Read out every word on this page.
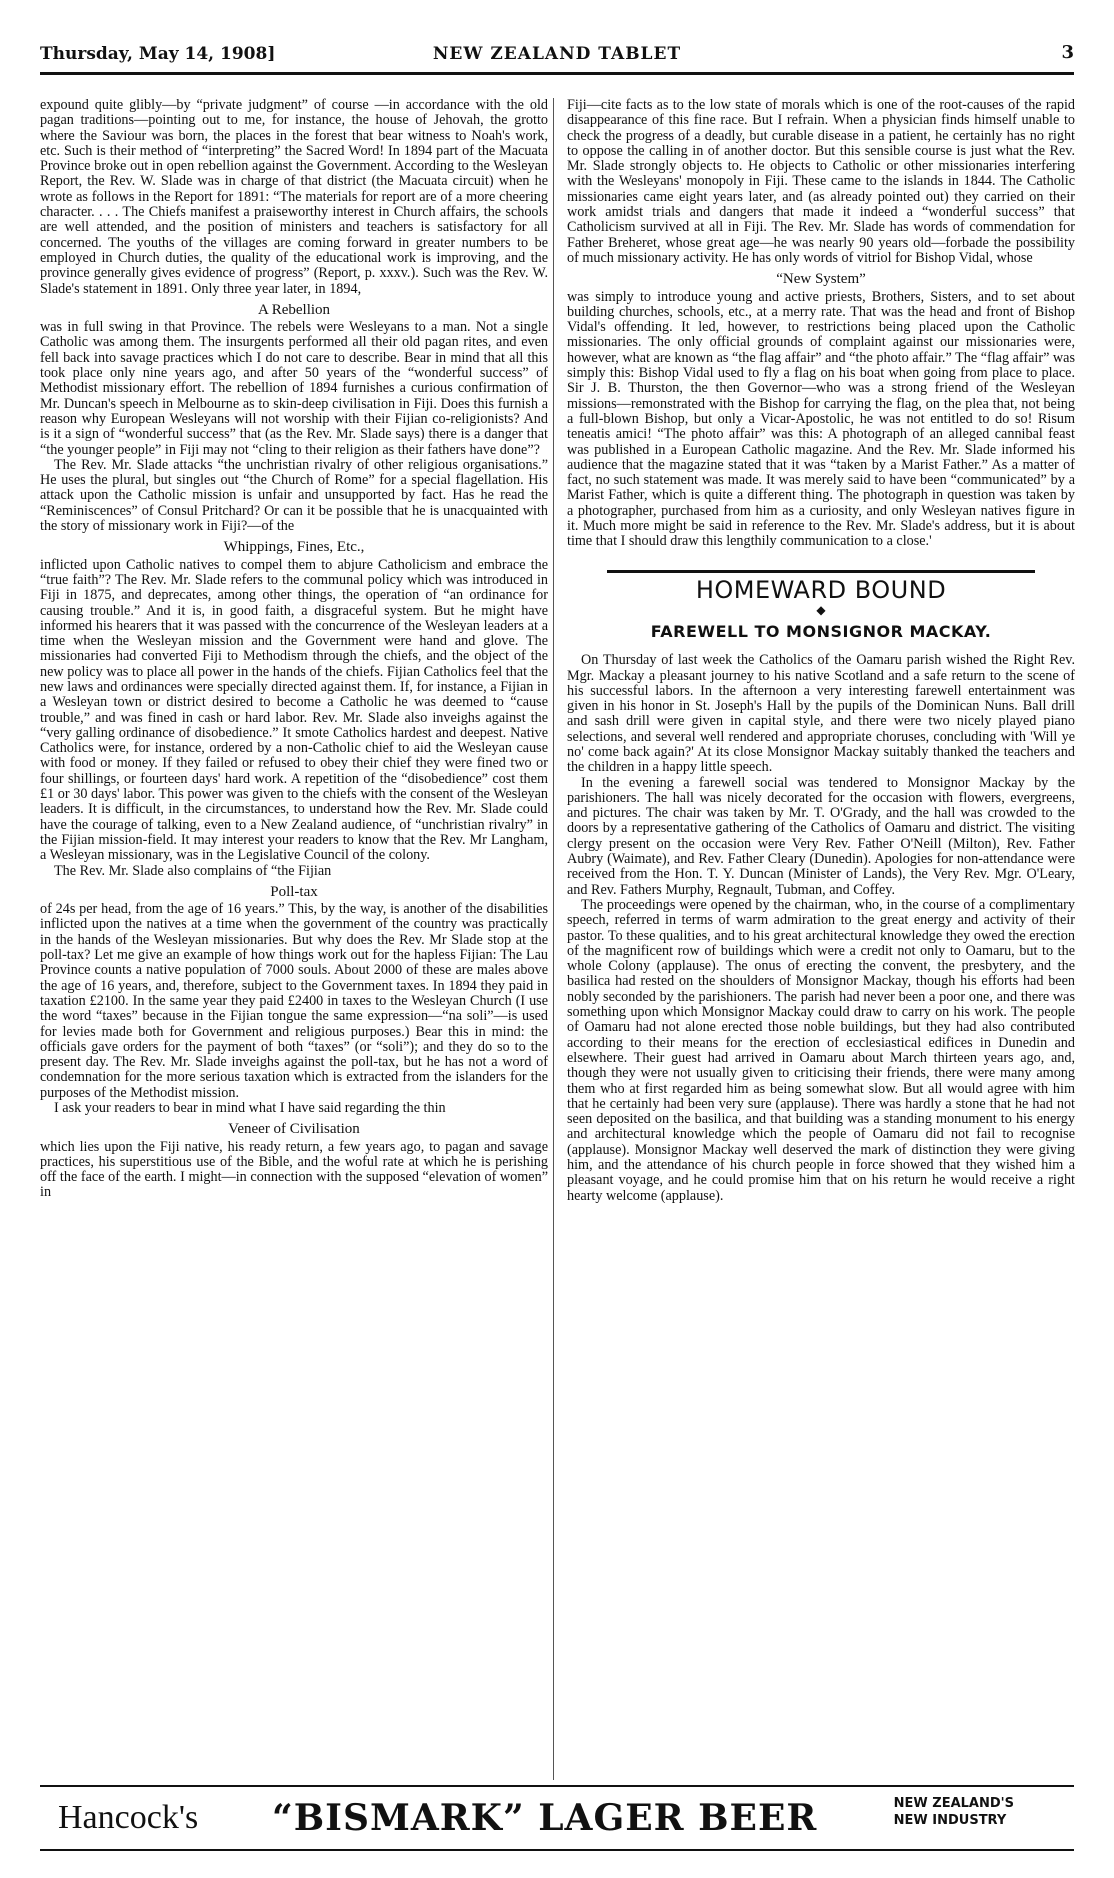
Thursday, May 14, 1908]	NEW ZEALAND TABLET	3

expound quite glibly—by “private judgment” of course —in accordance with the old pagan traditions—pointing out to me, for instance, the house of Jehovah, the grotto where the Saviour was born, the places in the forest that bear witness to Noah's work, etc. Such is their method of “interpreting” the Sacred Word! In 1894 part of the Macuata Province broke out in open rebellion against the Government. According to the Wesleyan Report, the Rev. W. Slade was in charge of that district (the Macuata circuit) when he wrote as follows in the Report for 1891: “The materials for report are of a more cheering character. . . . The Chiefs manifest a praiseworthy interest in Church affairs, the schools are well attended, and the position of ministers and teachers is satisfactory for all concerned. The youths of the villages are coming forward in greater numbers to be employed in Church duties, the quality of the educational work is improving, and the province generally gives evidence of progress” (Report, p. xxxv.). Such was the Rev. W. Slade's statement in 1891. Only three year later, in 1894,

A Rebellion

was in full swing in that Province. The rebels were Wesleyans to a man. Not a single Catholic was among them. The insurgents performed all their old pagan rites, and even fell back into savage practices which I do not care to describe. Bear in mind that all this took place only nine years ago, and after 50 years of the “wonderful success” of Methodist missionary effort. The rebellion of 1894 furnishes a curious confirmation of Mr. Duncan's speech in Melbourne as to skin-deep civilisation in Fiji. Does this furnish a reason why European Wesleyans will not worship with their Fijian co-religionists? And is it a sign of “wonderful success” that (as the Rev. Mr. Slade says) there is a danger that “the younger people” in Fiji may not “cling to their religion as their fathers have done”?

The Rev. Mr. Slade attacks “the unchristian rivalry of other religious organisations.” He uses the plural, but singles out “the Church of Rome” for a special flagellation. His attack upon the Catholic mission is unfair and unsupported by fact. Has he read the “Reminiscences” of Consul Pritchard? Or can it be possible that he is unacquainted with the story of missionary work in Fiji?—of the

Whippings, Fines, Etc.,

inflicted upon Catholic natives to compel them to abjure Catholicism and embrace the “true faith”? The Rev. Mr. Slade refers to the communal policy which was introduced in Fiji in 1875, and deprecates, among other things, the operation of “an ordinance for causing trouble.” And it is, in good faith, a disgraceful system. But he might have informed his hearers that it was passed with the concurrence of the Wesleyan leaders at a time when the Wesleyan mission and the Government were hand and glove. The missionaries had converted Fiji to Methodism through the chiefs, and the object of the new policy was to place all power in the hands of the chiefs. Fijian Catholics feel that the new laws and ordinances were specially directed against them. If, for instance, a Fijian in a Wesleyan town or district desired to become a Catholic he was deemed to “cause trouble,” and was fined in cash or hard labor. Rev. Mr. Slade also inveighs against the “very galling ordinance of disobedience.” It smote Catholics hardest and deepest. Native Catholics were, for instance, ordered by a non-Catholic chief to aid the Wesleyan cause with food or money. If they failed or refused to obey their chief they were fined two or four shillings, or fourteen days' hard work. A repetition of the “disobedience” cost them £1 or 30 days' labor. This power was given to the chiefs with the consent of the Wesleyan leaders. It is difficult, in the circumstances, to understand how the Rev. Mr. Slade could have the courage of talking, even to a New Zealand audience, of “unchristian rivalry” in the Fijian mission-field. It may interest your readers to know that the Rev. Mr Langham, a Wesleyan missionary, was in the Legislative Council of the colony.

The Rev. Mr. Slade also complains of “the Fijian

Poll-tax

of 24s per head, from the age of 16 years.” This, by the way, is another of the disabilities inflicted upon the natives at a time when the government of the country was practically in the hands of the Wesleyan missionaries. But why does the Rev. Mr Slade stop at the poll-tax? Let me give an example of how things work out for the hapless Fijian: The Lau Province counts a native population of 7000 souls. About 2000 of these are males above the age of 16 years, and, therefore, subject to the Government taxes. In 1894 they paid in taxation £2100. In the same year they paid £2400 in taxes to the Wesleyan Church (I use the word “taxes” because in the Fijian tongue the same expression—“na soli”—is used for levies made both for Government and religious purposes.) Bear this in mind: the officials gave orders for the payment of both “taxes” (or “soli”); and they do so to the present day. The Rev. Mr. Slade inveighs against the poll-tax, but he has not a word of condemnation for the more serious taxation which is extracted from the islanders for the purposes of the Methodist mission.

I ask your readers to bear in mind what I have said regarding the thin

Veneer of Civilisation

which lies upon the Fiji native, his ready return, a few years ago, to pagan and savage practices, his superstitious use of the Bible, and the woful rate at which he is perishing off the face of the earth. I might—in connection with the supposed “elevation of women” in

Fiji—cite facts as to the low state of morals which is one of the root-causes of the rapid disappearance of this fine race. But I refrain. When a physician finds himself unable to check the progress of a deadly, but curable disease in a patient, he certainly has no right to oppose the calling in of another doctor. But this sensible course is just what the Rev. Mr. Slade strongly objects to. He objects to Catholic or other missionaries interfering with the Wesleyans' monopoly in Fiji. These came to the islands in 1844. The Catholic missionaries came eight years later, and (as already pointed out) they carried on their work amidst trials and dangers that made it indeed a “wonderful success” that Catholicism survived at all in Fiji. The Rev. Mr. Slade has words of commendation for Father Breheret, whose great age—he was nearly 90 years old—forbade the possibility of much missionary activity. He has only words of vitriol for Bishop Vidal, whose

“New System”

was simply to introduce young and active priests, Brothers, Sisters, and to set about building churches, schools, etc., at a merry rate. That was the head and front of Bishop Vidal's offending. It led, however, to restrictions being placed upon the Catholic missionaries. The only official grounds of complaint against our missionaries were, however, what are known as “the flag affair” and “the photo affair.” The “flag affair” was simply this: Bishop Vidal used to fly a flag on his boat when going from place to place. Sir J. B. Thurston, the then Governor—who was a strong friend of the Wesleyan missions—remonstrated with the Bishop for carrying the flag, on the plea that, not being a full-blown Bishop, but only a Vicar-Apostolic, he was not entitled to do so! Risum teneatis amici! “The photo affair” was this: A photograph of an alleged cannibal feast was published in a European Catholic magazine. And the Rev. Mr. Slade informed his audience that the magazine stated that it was “taken by a Marist Father.” As a matter of fact, no such statement was made. It was merely said to have been “communicated” by a Marist Father, which is quite a different thing. The photograph in question was taken by a photographer, purchased from him as a curiosity, and only Wesleyan natives figure in it. Much more might be said in reference to the Rev. Mr. Slade's address, but it is about time that I should draw this lengthily communication to a close.'

HOMEWARD BOUND
◆
FAREWELL TO MONSIGNOR MACKAY.

On Thursday of last week the Catholics of the Oamaru parish wished the Right Rev. Mgr. Mackay a pleasant journey to his native Scotland and a safe return to the scene of his successful labors. In the afternoon a very interesting farewell entertainment was given in his honor in St. Joseph's Hall by the pupils of the Dominican Nuns. Ball drill and sash drill were given in capital style, and there were two nicely played piano selections, and several well rendered and appropriate choruses, concluding with 'Will ye no' come back again?' At its close Monsignor Mackay suitably thanked the teachers and the children in a happy little speech.

In the evening a farewell social was tendered to Monsignor Mackay by the parishioners. The hall was nicely decorated for the occasion with flowers, evergreens, and pictures. The chair was taken by Mr. T. O'Grady, and the hall was crowded to the doors by a representative gathering of the Catholics of Oamaru and district. The visiting clergy present on the occasion were Very Rev. Father O'Neill (Milton), Rev. Father Aubry (Waimate), and Rev. Father Cleary (Dunedin). Apologies for non-attendance were received from the Hon. T. Y. Duncan (Minister of Lands), the Very Rev. Mgr. O'Leary, and Rev. Fathers Murphy, Regnault, Tubman, and Coffey.

The proceedings were opened by the chairman, who, in the course of a complimentary speech, referred in terms of warm admiration to the great energy and activity of their pastor. To these qualities, and to his great architectural knowledge they owed the erection of the magnificent row of buildings which were a credit not only to Oamaru, but to the whole Colony (applause). The onus of erecting the convent, the presbytery, and the basilica had rested on the shoulders of Monsignor Mackay, though his efforts had been nobly seconded by the parishioners. The parish had never been a poor one, and there was something upon which Monsignor Mackay could draw to carry on his work. The people of Oamaru had not alone erected those noble buildings, but they had also contributed according to their means for the erection of ecclesiastical edifices in Dunedin and elsewhere. Their guest had arrived in Oamaru about March thirteen years ago, and, though they were not usually given to criticising their friends, there were many among them who at first regarded him as being somewhat slow. But all would agree with him that he certainly had been very sure (applause). There was hardly a stone that he had not seen deposited on the basilica, and that building was a standing monument to his energy and architectural knowledge which the people of Oamaru did not fail to recognise (applause). Monsignor Mackay well deserved the mark of distinction they were giving him, and the attendance of his church people in force showed that they wished him a pleasant voyage, and he could promise him that on his return he would receive a right hearty welcome (applause).

Hancock's “BISMARK” LAGER BEER	NEW ZEALAND'S
NEW INDUSTRY
